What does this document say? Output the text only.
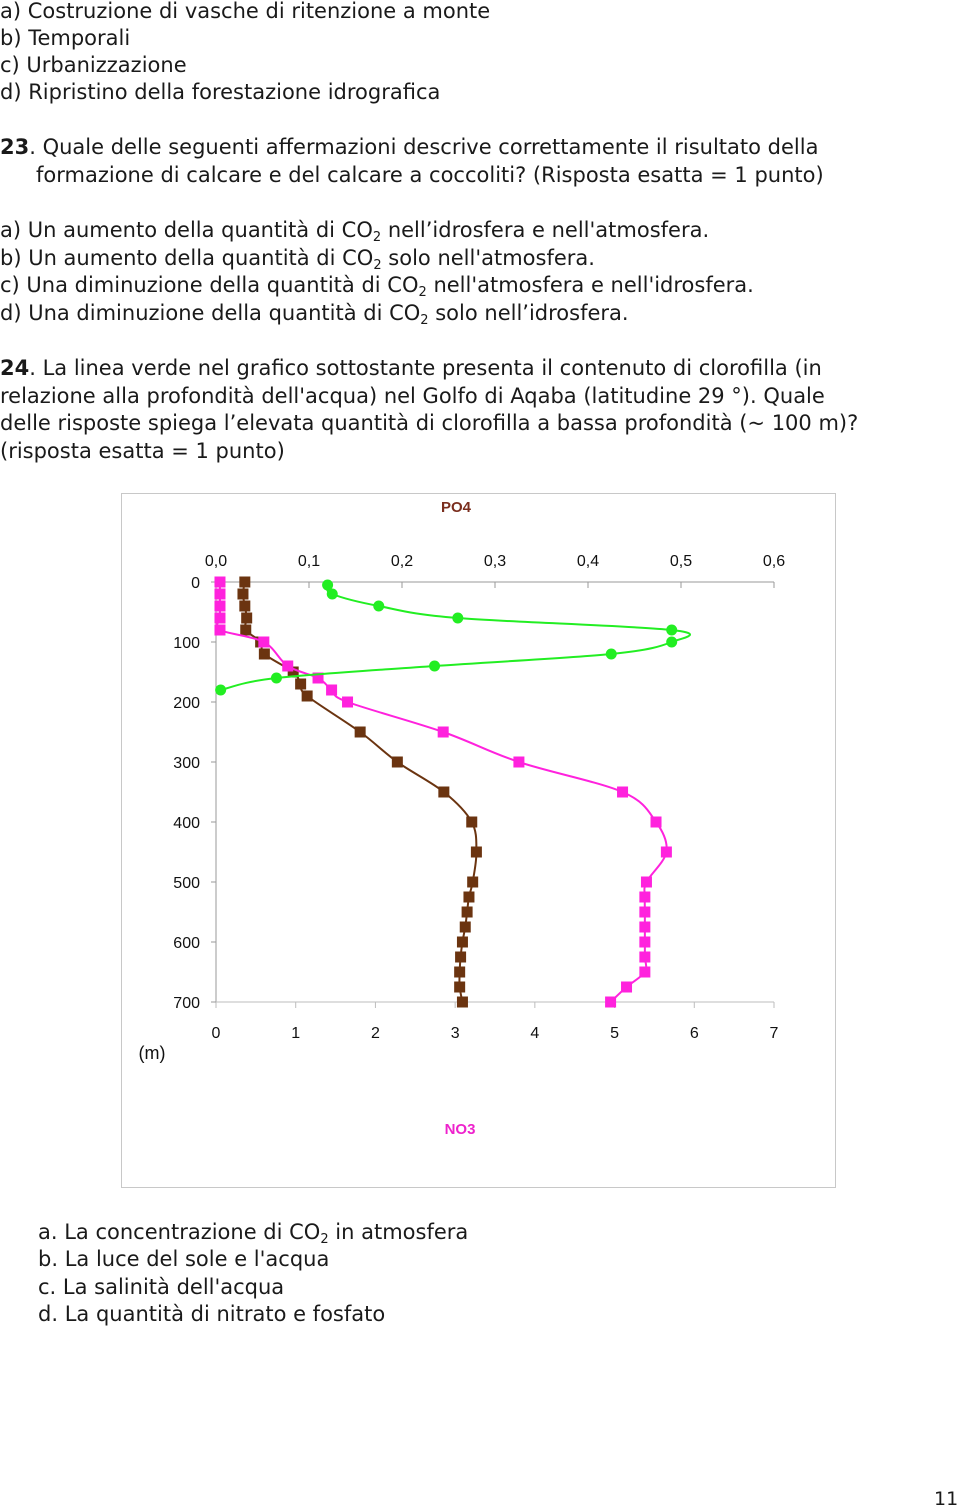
a) Costruzione di vasche di ritenzione a monte
b) Temporali
c) Urbanizzazione
d) Ripristino della forestazione idrografica
23. Quale delle seguenti affermazioni descrive correttamente il risultato della
formazione di calcare e del calcare a coccoliti? (Risposta esatta = 1 punto)
a) Un aumento della quantità di CO2 nell’idrosfera e nell'atmosfera.
b) Un aumento della quantità di CO2 solo nell'atmosfera.
c) Una diminuzione della quantità di CO2 nell'atmosfera e nell'idrosfera.
d) Una diminuzione della quantità di CO2 solo nell’idrosfera.
24. La linea verde nel grafico sottostante presenta il contenuto di clorofilla (in
relazione alla profondità dell'acqua) nel Golfo di Aqaba (latitudine 29 °). Quale
delle risposte spiega l’elevata quantità di clorofilla a bassa profondità (~ 100 m)?
(risposta esatta = 1 punto)
0,0	0,1	0,2	0,3	0,4	0,5	0,6
0	1	2	3	4	5	6	7
0
100
200
300
400
500
600
700
PO4
NO3
(m)
a. La concentrazione di CO2 in atmosfera
b. La luce del sole e l'acqua
c. La salinità dell'acqua
d. La quantità di nitrato e fosfato
11
